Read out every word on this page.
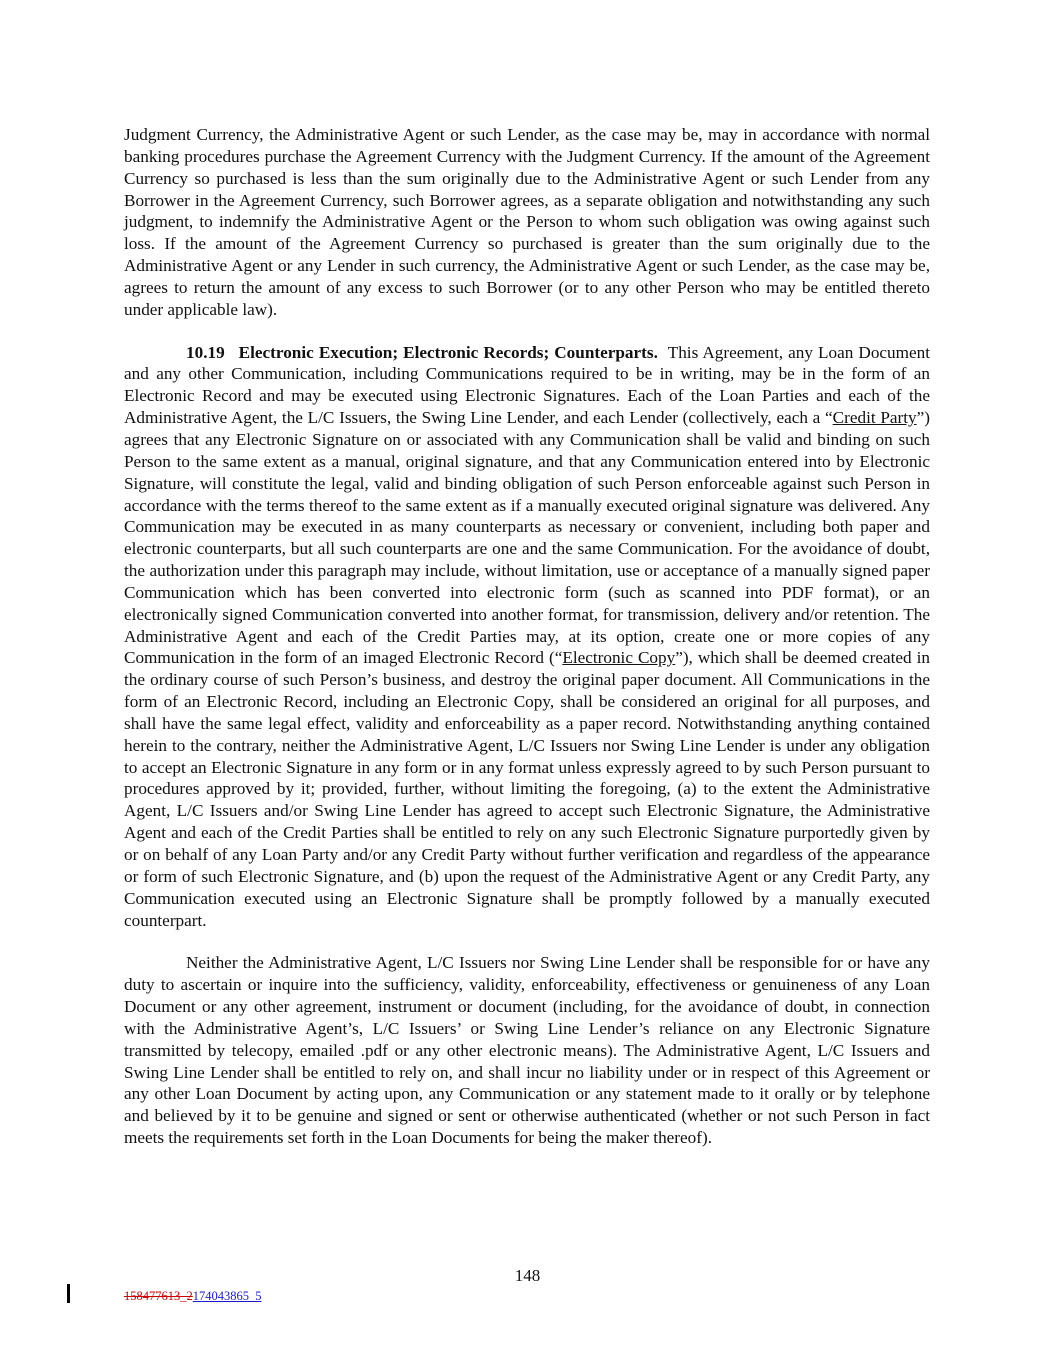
Judgment Currency, the Administrative Agent or such Lender, as the case may be, may in accordance with normal banking procedures purchase the Agreement Currency with the Judgment Currency. If the amount of the Agreement Currency so purchased is less than the sum originally due to the Administrative Agent or such Lender from any Borrower in the Agreement Currency, such Borrower agrees, as a separate obligation and notwithstanding any such judgment, to indemnify the Administrative Agent or the Person to whom such obligation was owing against such loss. If the amount of the Agreement Currency so purchased is greater than the sum originally due to the Administrative Agent or any Lender in such currency, the Administrative Agent or such Lender, as the case may be, agrees to return the amount of any excess to such Borrower (or to any other Person who may be entitled thereto under applicable law).

10.19 Electronic Execution; Electronic Records; Counterparts. This Agreement, any Loan Document and any other Communication, including Communications required to be in writing, may be in the form of an Electronic Record and may be executed using Electronic Signatures. Each of the Loan Parties and each of the Administrative Agent, the L/C Issuers, the Swing Line Lender, and each Lender (collectively, each a “Credit Party”) agrees that any Electronic Signature on or associated with any Communication shall be valid and binding on such Person to the same extent as a manual, original signature, and that any Communication entered into by Electronic Signature, will constitute the legal, valid and binding obligation of such Person enforceable against such Person in accordance with the terms thereof to the same extent as if a manually executed original signature was delivered. Any Communication may be executed in as many counterparts as necessary or convenient, including both paper and electronic counterparts, but all such counterparts are one and the same Communication. For the avoidance of doubt, the authorization under this paragraph may include, without limitation, use or acceptance of a manually signed paper Communication which has been converted into electronic form (such as scanned into PDF format), or an electronically signed Communication converted into another format, for transmission, delivery and/or retention. The Administrative Agent and each of the Credit Parties may, at its option, create one or more copies of any Communication in the form of an imaged Electronic Record (“Electronic Copy”), which shall be deemed created in the ordinary course of such Person’s business, and destroy the original paper document. All Communications in the form of an Electronic Record, including an Electronic Copy, shall be considered an original for all purposes, and shall have the same legal effect, validity and enforceability as a paper record. Notwithstanding anything contained herein to the contrary, neither the Administrative Agent, L/C Issuers nor Swing Line Lender is under any obligation to accept an Electronic Signature in any form or in any format unless expressly agreed to by such Person pursuant to procedures approved by it; provided, further, without limiting the foregoing, (a) to the extent the Administrative Agent, L/C Issuers and/or Swing Line Lender has agreed to accept such Electronic Signature, the Administrative Agent and each of the Credit Parties shall be entitled to rely on any such Electronic Signature purportedly given by or on behalf of any Loan Party and/or any Credit Party without further verification and regardless of the appearance or form of such Electronic Signature, and (b) upon the request of the Administrative Agent or any Credit Party, any Communication executed using an Electronic Signature shall be promptly followed by a manually executed counterpart.

Neither the Administrative Agent, L/C Issuers nor Swing Line Lender shall be responsible for or have any duty to ascertain or inquire into the sufficiency, validity, enforceability, effectiveness or genuineness of any Loan Document or any other agreement, instrument or document (including, for the avoidance of doubt, in connection with the Administrative Agent’s, L/C Issuers’ or Swing Line Lender’s reliance on any Electronic Signature transmitted by telecopy, emailed .pdf or any other electronic means). The Administrative Agent, L/C Issuers and Swing Line Lender shall be entitled to rely on, and shall incur no liability under or in respect of this Agreement or any other Loan Document by acting upon, any Communication or any statement made to it orally or by telephone and believed by it to be genuine and signed or sent or otherwise authenticated (whether or not such Person in fact meets the requirements set forth in the Loan Documents for being the maker thereof).

148
158477613_2174043865_5
